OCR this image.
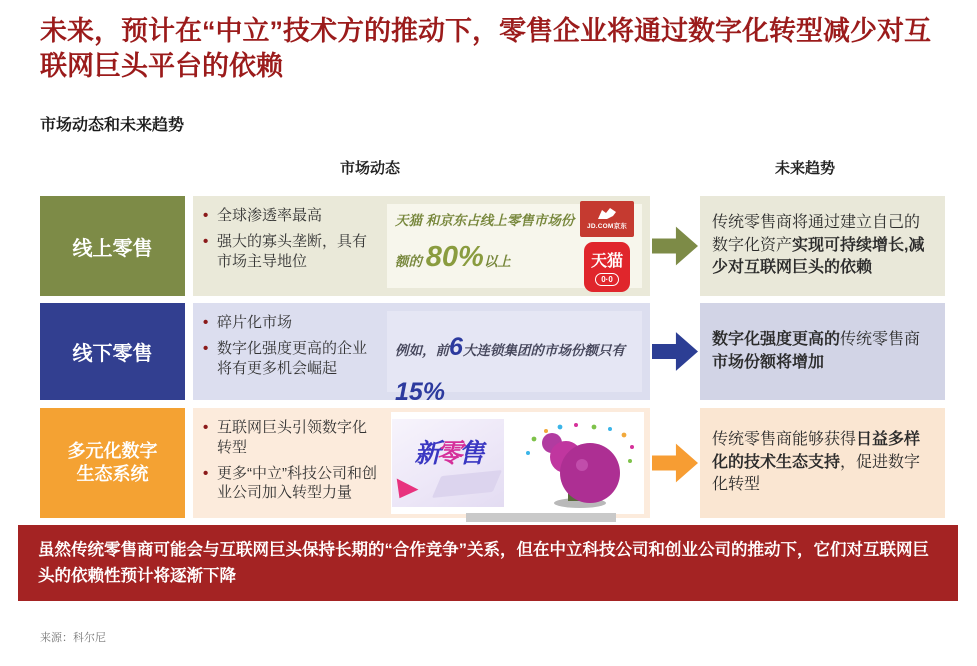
未来，预计在“中立”技术方的推动下，零售企业将通过数字化转型减少对互联网巨头平台的依赖
市场动态和未来趋势
市场动态	未来趋势
线上零售
• 全球渗透率最高
• 强大的寡头垄断，具有市场主导地位
天猫 和京东占线上零售市场份额的 80%以上
JD.COM京东
天猫
0·0
传统零售商将通过建立自己的数字化资产实现可持续增长,减少对互联网巨头的依赖
线下零售
• 碎片化市场
• 数字化强度更高的企业将有更多机会崛起
例如，前6大连锁集团的市场份额只有 15%
数字化强度更高的传统零售商市场份额将增加
多元化数字
生态系统
• 互联网巨头引领数字化转型
• 更多“中立”科技公司和创业公司加入转型力量
新零售	传统零售商能够获得日益多样化的技术生态支持，促进数字化转型
虽然传统零售商可能会与互联网巨头保持长期的“合作竞争”关系，但在中立科技公司和创业公司的推动下，它们对互联网巨头的依赖性预计将逐渐下降
来源：科尔尼
